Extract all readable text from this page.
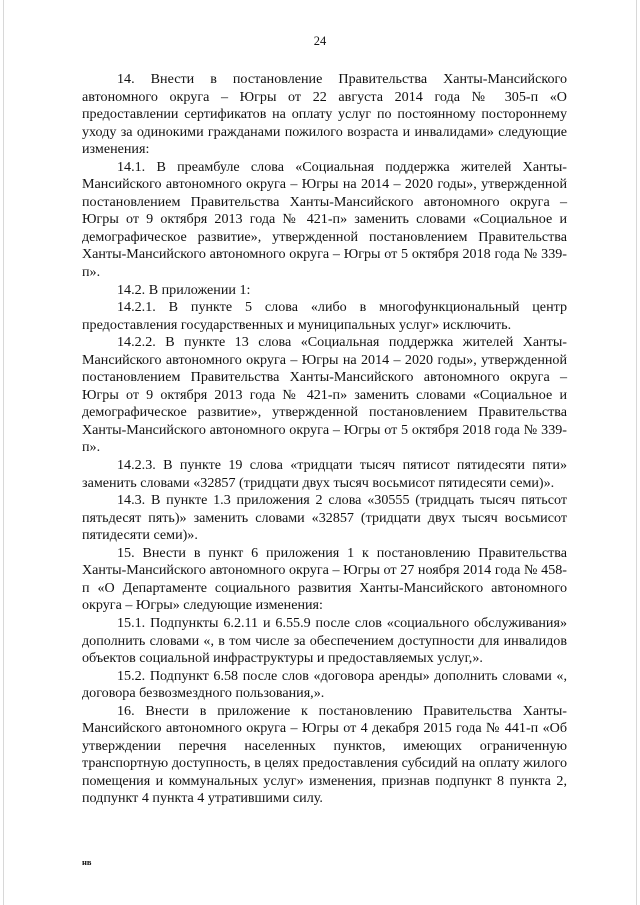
24

14. Внести в постановление Правительства Ханты-Мансийского автономного округа – Югры от 22 августа 2014 года № 305-п «О предоставлении сертификатов на оплату услуг по постоянному постороннему уходу за одинокими гражданами пожилого возраста и инвалидами» следующие изменения:

14.1. В преамбуле слова «Социальная поддержка жителей Ханты-Мансийского автономного округа – Югры на 2014 – 2020 годы», утвержденной постановлением Правительства Ханты-Мансийского автономного округа – Югры от 9 октября 2013 года № 421-п» заменить словами «Социальное и демографическое развитие», утвержденной постановлением Правительства Ханты-Мансийского автономного округа – Югры от 5 октября 2018 года № 339-п».

14.2. В приложении 1:

14.2.1. В пункте 5 слова «либо в многофункциональный центр предоставления государственных и муниципальных услуг» исключить.

14.2.2. В пункте 13 слова «Социальная поддержка жителей Ханты-Мансийского автономного округа – Югры на 2014 – 2020 годы», утвержденной постановлением Правительства Ханты-Мансийского автономного округа – Югры от 9 октября 2013 года № 421-п» заменить словами «Социальное и демографическое развитие», утвержденной постановлением Правительства Ханты-Мансийского автономного округа – Югры от 5 октября 2018 года № 339-п».

14.2.3. В пункте 19 слова «тридцати тысяч пятисот пятидесяти пяти» заменить словами «32857 (тридцати двух тысяч восьмисот пятидесяти семи)».

14.3. В пункте 1.3 приложения 2 слова «30555 (тридцать тысяч пятьсот пятьдесят пять)» заменить словами «32857 (тридцати двух тысяч восьмисот пятидесяти семи)».

15. Внести в пункт 6 приложения 1 к постановлению Правительства Ханты-Мансийского автономного округа – Югры от 27 ноября 2014 года № 458-п «О Департаменте социального развития Ханты-Мансийского автономного округа – Югры» следующие изменения:

15.1. Подпункты 6.2.11 и 6.55.9 после слов «социального обслуживания» дополнить словами «, в том числе за обеспечением доступности для инвалидов объектов социальной инфраструктуры и предоставляемых услуг,».

15.2. Подпункт 6.58 после слов «договора аренды» дополнить словами «, договора безвозмездного пользования,».

16. Внести в приложение к постановлению Правительства Ханты-Мансийского автономного округа – Югры от 4 декабря 2015 года № 441-п «Об утверждении перечня населенных пунктов, имеющих ограниченную транспортную доступность, в целях предоставления субсидий на оплату жилого помещения и коммунальных услуг» изменения, признав подпункт 8 пункта 2, подпункт 4 пункта 4 утратившими силу.

нв
